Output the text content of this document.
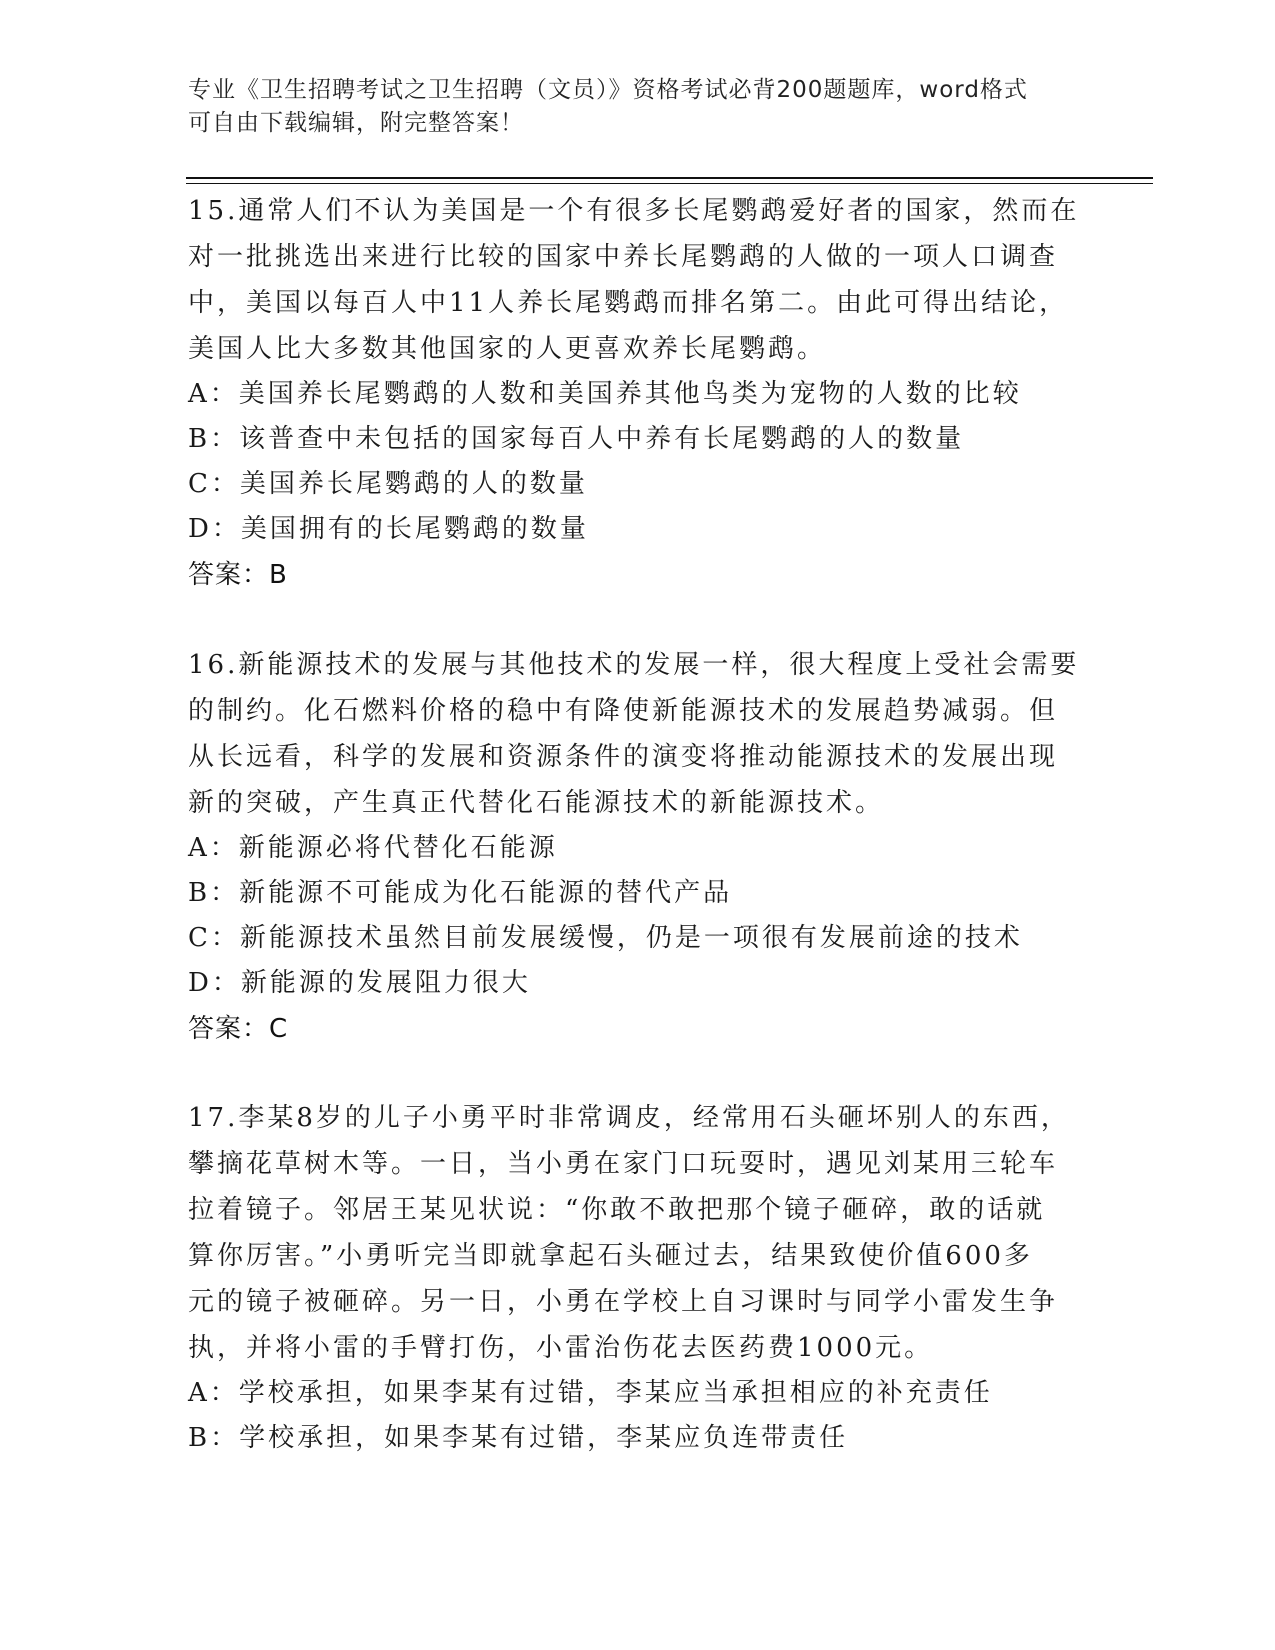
专业《卫生招聘考试之卫生招聘（文员）》资格考试必背200题题库，word格式
可自由下载编辑，附完整答案！
15.通常人们不认为美国是一个有很多长尾鹦鹉爱好者的国家，然而在
对一批挑选出来进行比较的国家中养长尾鹦鹉的人做的一项人口调查
中，美国以每百人中11人养长尾鹦鹉而排名第二。由此可得出结论，
美国人比大多数其他国家的人更喜欢养长尾鹦鹉。
A：美国养长尾鹦鹉的人数和美国养其他鸟类为宠物的人数的比较
B：该普查中未包括的国家每百人中养有长尾鹦鹉的人的数量
C：美国养长尾鹦鹉的人的数量
D：美国拥有的长尾鹦鹉的数量
答案：B
16.新能源技术的发展与其他技术的发展一样，很大程度上受社会需要
的制约。化石燃料价格的稳中有降使新能源技术的发展趋势减弱。但
从长远看，科学的发展和资源条件的演变将推动能源技术的发展出现
新的突破，产生真正代替化石能源技术的新能源技术。
A：新能源必将代替化石能源
B：新能源不可能成为化石能源的替代产品
C：新能源技术虽然目前发展缓慢，仍是一项很有发展前途的技术
D：新能源的发展阻力很大
答案：C
17.李某8岁的儿子小勇平时非常调皮，经常用石头砸坏别人的东西，
攀摘花草树木等。一日，当小勇在家门口玩耍时，遇见刘某用三轮车
拉着镜子。邻居王某见状说：“你敢不敢把那个镜子砸碎，敢的话就
算你厉害。”小勇听完当即就拿起石头砸过去，结果致使价值600多
元的镜子被砸碎。另一日，小勇在学校上自习课时与同学小雷发生争
执，并将小雷的手臂打伤，小雷治伤花去医药费1000元。
A：学校承担，如果李某有过错，李某应当承担相应的补充责任
B：学校承担，如果李某有过错，李某应负连带责任
